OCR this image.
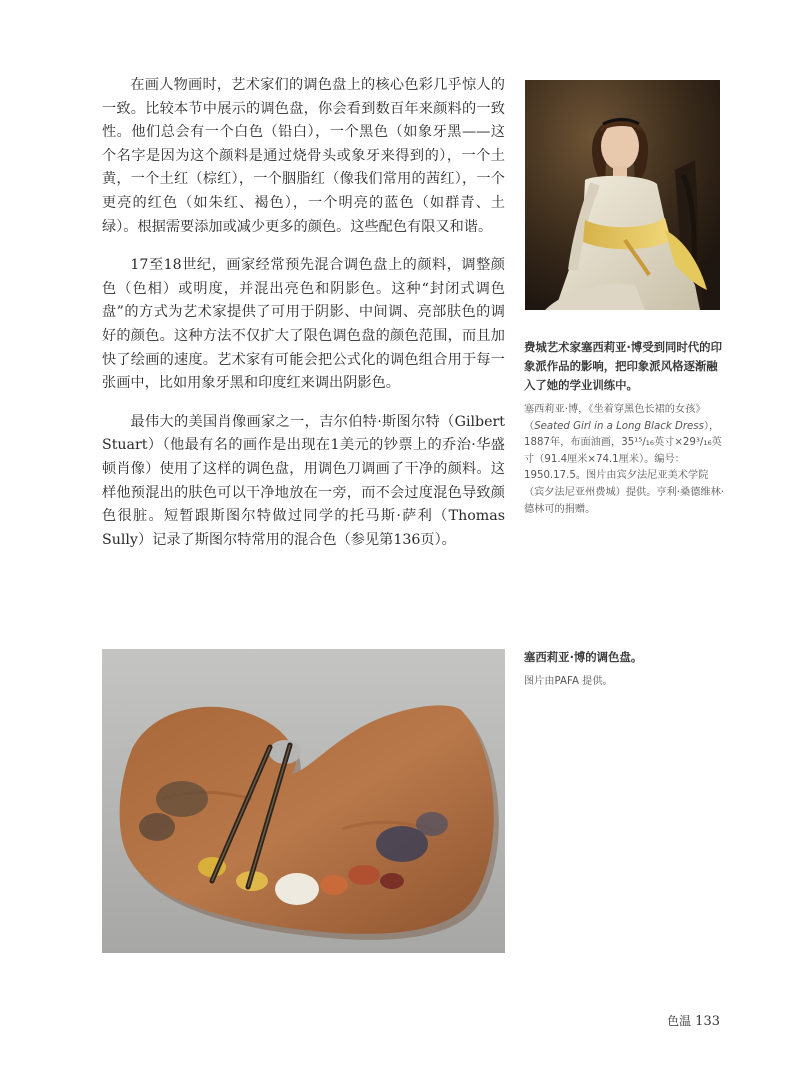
在画人物画时，艺术家们的调色盘上的核心色彩几乎惊人的一致。比较本节中展示的调色盘，你会看到数百年来颜料的一致性。他们总会有一个白色（铅白），一个黑色（如象牙黑——这个名字是因为这个颜料是通过烧骨头或象牙来得到的），一个土黄，一个土红（棕红），一个胭脂红（像我们常用的茜红），一个更亮的红色（如朱红、褐色），一个明亮的蓝色（如群青、土绿）。根据需要添加或减少更多的颜色。这些配色有限又和谐。

17至18世纪，画家经常预先混合调色盘上的颜料，调整颜色（色相）或明度，并混出亮色和阴影色。这种“封闭式调色盘”的方式为艺术家提供了可用于阴影、中间调、亮部肤色的调好的颜色。这种方法不仅扩大了限色调色盘的颜色范围，而且加快了绘画的速度。艺术家有可能会把公式化的调色组合用于每一张画中，比如用象牙黑和印度红来调出阴影色。

最伟大的美国肖像画家之一，吉尔伯特·斯图尔特（Gilbert Stuart）（他最有名的画作是出现在1美元的钞票上的乔治·华盛顿肖像）使用了这样的调色盘，用调色刀调画了干净的颜料。这样他预混出的肤色可以干净地放在一旁，而不会过度混色导致颜色很脏。短暂跟斯图尔特做过同学的托马斯·萨利（Thomas Sully）记录了斯图尔特常用的混合色（参见第136页）。

费城艺术家塞西莉亚·博受到同时代的印象派作品的影响，把印象派风格逐渐融入了她的学业训练中。

塞西莉亚·博，《坐着穿黑色长裙的女孩》（Seated Girl in a Long Black Dress），1887年，布面油画，35¹⁵/₁₆英寸×29³/₁₆英寸（91.4厘米×74.1厘米）。编号：1950.17.5。图片由宾夕法尼亚美术学院（宾夕法尼亚州费城）提供。亨利·桑德维林·德林可的捐赠。

塞西莉亚·博的调色盘。

图片由PAFA 提供。

色温 133
